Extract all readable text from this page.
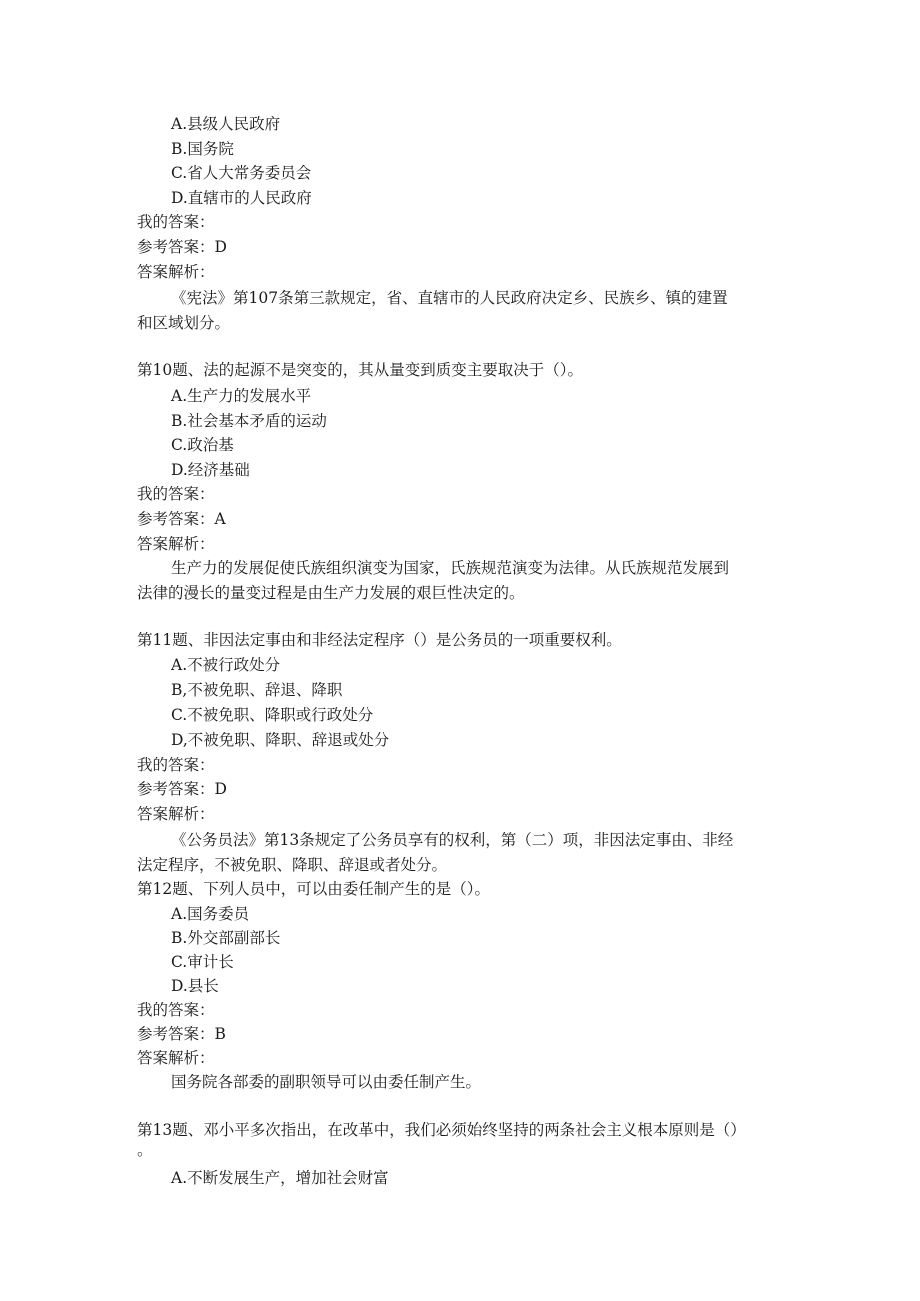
A.县级人民政府
B.国务院
C.省人大常务委员会
D.直辖市的人民政府
我的答案：
参考答案：D
答案解析：
《宪法》第107条第三款规定，省、直辖市的人民政府决定乡、民族乡、镇的建置
和区域划分。
第10题、法的起源不是突变的，其从量变到质变主要取决于（）。
A.生产力的发展水平
B.社会基本矛盾的运动
C.政治基
D.经济基础
我的答案：
参考答案：A
答案解析：
生产力的发展促使氏族组织演变为国家，氏族规范演变为法律。从氏族规范发展到
法律的漫长的量变过程是由生产力发展的艰巨性决定的。
第11题、非因法定事由和非经法定程序（）是公务员的一项重要权利。
A.不被行政处分
B,不被免职、辞退、降职
C.不被免职、降职或行政处分
D,不被免职、降职、辞退或处分
我的答案：
参考答案：D
答案解析：
《公务员法》第13条规定了公务员享有的权利，第（二）项，非因法定事由、非经
法定程序，不被免职、降职、辞退或者处分。
第12题、下列人员中，可以由委任制产生的是（）。
A.国务委员
B.外交部副部长
C.审计长
D.县长
我的答案：
参考答案：B
答案解析：
国务院各部委的副职领导可以由委任制产生。
第13题、邓小平多次指出，在改革中，我们必须始终坚持的两条社会主义根本原则是（）
。
A.不断发展生产，增加社会财富
